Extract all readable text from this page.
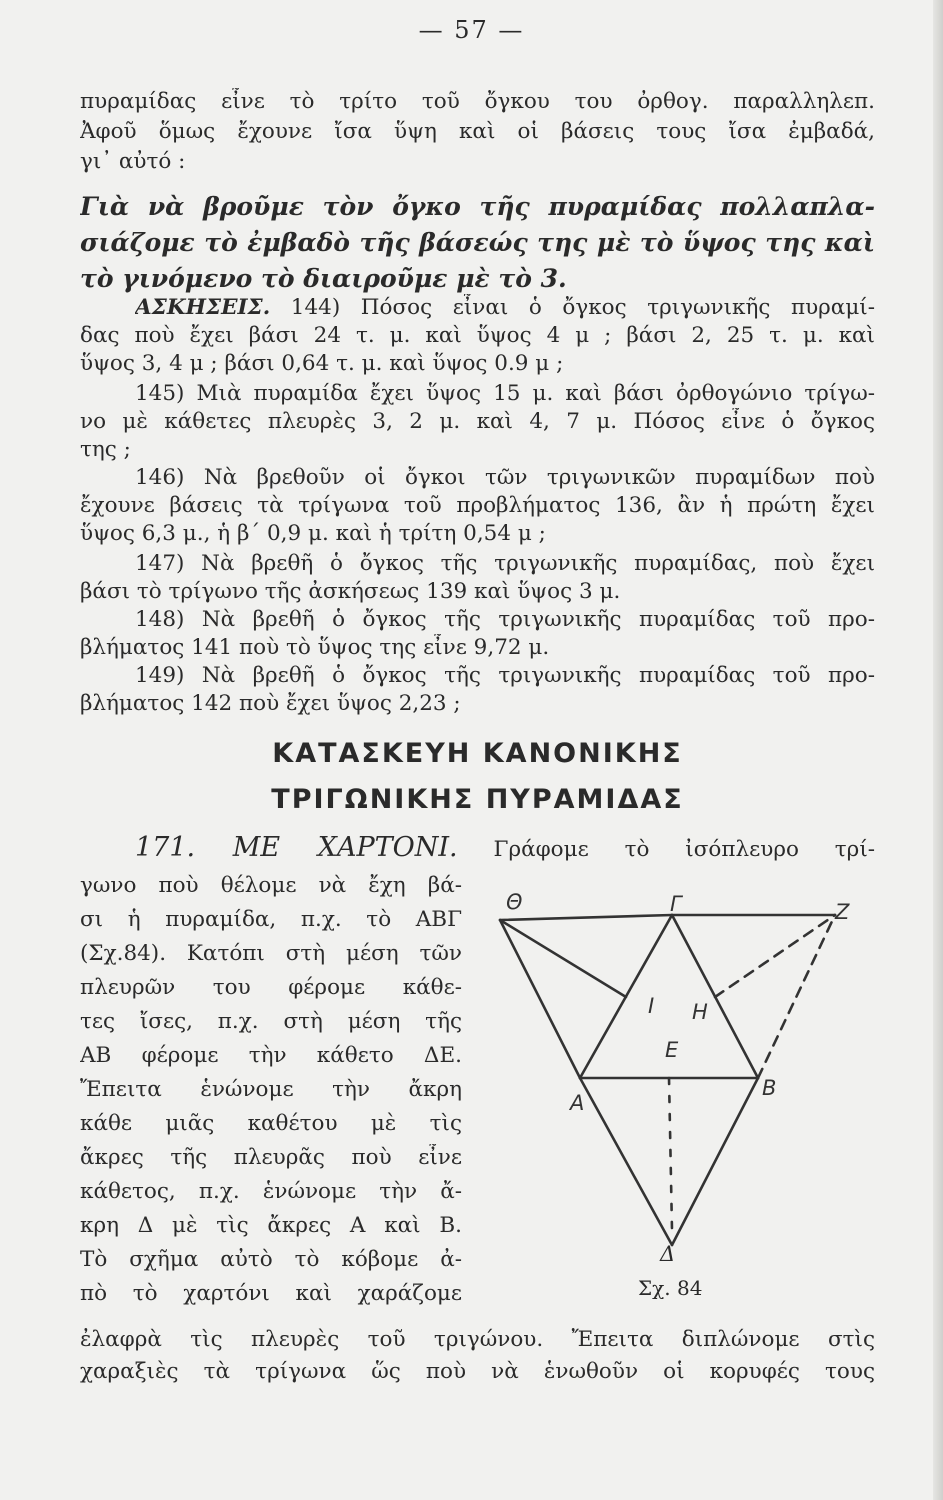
— 57 —
πυραμίδας εἶνε τὸ τρίτο τοῦ ὄγκου του ὀρθογ. παραλληλεπ.
Ἀφοῦ ὅμως ἔχουνε ἴσα ὕψη καὶ οἱ βάσεις τους ἴσα ἐμβαδά,
γι᾽ αὐτό :
Γιὰ νὰ βροῦμε τὸν ὄγκο τῆς πυραμίδας πολλαπλα-
σιάζομε τὸ ἐμβαδὸ τῆς βάσεώς της μὲ τὸ ὕψος της καὶ
τὸ γινόμενο τὸ διαιροῦμε μὲ τὸ 3.
ΑΣΚΗΣΕΙΣ. 144) Πόσος εἶναι ὁ ὄγκος τριγωνικῆς πυραμί-
δας ποὺ ἔχει βάσι 24 τ. μ. καὶ ὕψος 4 μ ; βάσι 2, 25 τ. μ. καὶ
ὕψος 3, 4 μ ; βάσι 0,64 τ. μ. καὶ ὕψος 0.9 μ ;
145) Μιὰ πυραμίδα ἔχει ὕψος 15 μ. καὶ βάσι ὀρθογώνιο τρίγω-
νο μὲ κάθετες πλευρὲς 3, 2 μ. καὶ 4, 7 μ. Πόσος εἶνε ὁ ὄγκος
της ;
146) Νὰ βρεθοῦν οἱ ὄγκοι τῶν τριγωνικῶν πυραμίδων ποὺ
ἔχουνε βάσεις τὰ τρίγωνα τοῦ προβλήματος 136, ἂν ἡ πρώτη ἔχει
ὕψος 6,3 μ., ἡ β΄ 0,9 μ. καὶ ἡ τρίτη 0,54 μ ;
147) Νὰ βρεθῆ ὁ ὄγκος τῆς τριγωνικῆς πυραμίδας, ποὺ ἔχει
βάσι τὸ τρίγωνο τῆς ἀσκήσεως 139 καὶ ὕψος 3 μ.
148) Νὰ βρεθῆ ὁ ὄγκος τῆς τριγωνικῆς πυραμίδας τοῦ προ-
βλήματος 141 ποὺ τὸ ὕψος της εἶνε 9,72 μ.
149) Νὰ βρεθῆ ὁ ὄγκος τῆς τριγωνικῆς πυραμίδας τοῦ προ-
βλήματος 142 ποὺ ἔχει ὕψος 2,23 ;
ΚΑΤΑΣΚΕΥΗ ΚΑΝΟΝΙΚΗΣ
ΤΡΙΓΩΝΙΚΗΣ ΠΥΡΑΜΙΔΑΣ
171. ΜΕ ΧΑΡΤΟΝΙ. Γράφομε τὸ ἰσόπλευρο τρί-
γωνο ποὺ θέλομε νὰ ἔχη βά-
σι ἡ πυραμίδα, π.χ. τὸ ΑΒΓ
(Σχ.84). Κατόπι στὴ μέση τῶν
πλευρῶν του φέρομε κάθε-
τες ἴσες, π.χ. στὴ μέση τῆς
ΑΒ φέρομε τὴν κάθετο ΔΕ.
Ἔπειτα ἑνώνομε τὴν ἄκρη
κάθε μιᾶς καθέτου μὲ τὶς
ἄκρες τῆς πλευρᾶς ποὺ εἶνε
κάθετος, π.χ. ἑνώνομε τὴν ἄ-
κρη Δ μὲ τὶς ἄκρες Α καὶ Β.
Τὸ σχῆμα αὐτὸ τὸ κόβομε ἀ-
πὸ τὸ χαρτόνι καὶ χαράζομε
Θ	Γ	Ζ
Ι Η
Ε
Α
Β
Δ
Σχ. 84
ἐλαφρὰ τὶς πλευρὲς τοῦ τριγώνου. Ἔπειτα διπλώνομε στὶς
χαραξιὲς τὰ τρίγωνα ὥς ποὺ νὰ ἑνωθοῦν οἱ κορυφές τους
